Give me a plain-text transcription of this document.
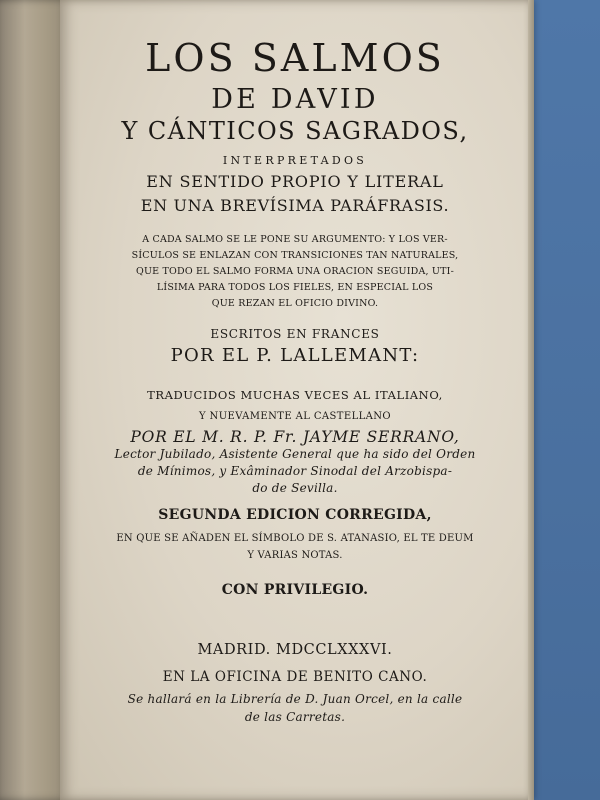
LOS SALMOS
DE DAVID
Y CÁNTICOS SAGRADOS,
INTERPRETADOS
EN SENTIDO PROPIO Y LITERAL
EN UNA BREVÍSIMA PARÁFRASIS.
A CADA SALMO SE LE PONE SU ARGUMENTO: Y LOS VER-
SÍCULOS SE ENLAZAN CON TRANSICIONES TAN NATURALES,
QUE TODO EL SALMO FORMA UNA ORACION SEGUIDA, UTI-
LÍSIMA PARA TODOS LOS FIELES, EN ESPECIAL LOS
QUE REZAN EL OFICIO DIVINO.
ESCRITOS EN FRANCES
POR EL P. LALLEMANT:
TRADUCIDOS MUCHAS VECES AL ITALIANO,
Y NUEVAMENTE AL CASTELLANO
POR EL M. R. P. Fr. JAYME SERRANO,
Lector Jubilado, Asistente General que ha sido del Orden
de Mínimos, y Exâminador Sinodal del Arzobispa-
do de Sevilla.
SEGUNDA EDICION CORREGIDA,
EN QUE SE AÑADEN EL SÍMBOLO DE S. ATANASIO, EL TE DEUM
Y VARIAS NOTAS.
CON PRIVILEGIO.
MADRID. MDCCLXXXVI.
EN LA OFICINA DE BENITO CANO.
Se hallará en la Librería de D. Juan Orcel, en la calle
de las Carretas.
